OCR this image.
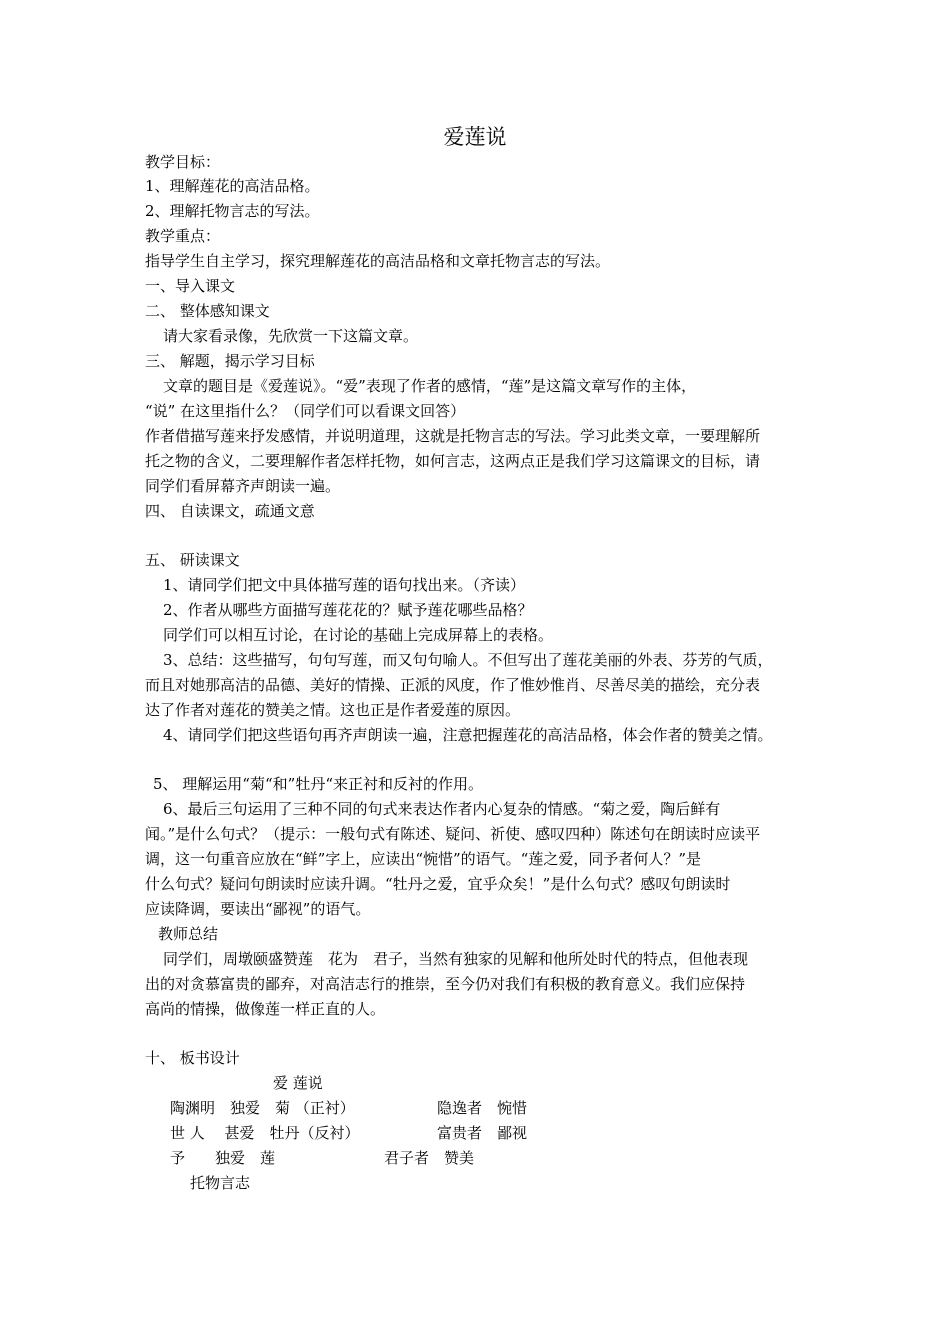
爱莲说
教学目标：
1、理解莲花的高洁品格。
2、理解托物言志的写法。
教学重点：
指导学生自主学习，探究理解莲花的高洁品格和文章托物言志的写法。
一、导入课文
二、 整体感知课文
请大家看录像，先欣赏一下这篇文章。
三、 解题，揭示学习目标
文章的题目是《爱莲说》。“爱”表现了作者的感情，“莲”是这篇文章写作的主体，
“说” 在这里指什么？（同学们可以看课文回答）
作者借描写莲来抒发感情，并说明道理，这就是托物言志的写法。学习此类文章，一要理解所
托之物的含义，二要理解作者怎样托物，如何言志，这两点正是我们学习这篇课文的目标，请
同学们看屏幕齐声朗读一遍。
四、 自读课文，疏通文意
五、 研读课文
1、请同学们把文中具体描写莲的语句找出来。（齐读）
2、作者从哪些方面描写莲花花的？赋予莲花哪些品格？
同学们可以相互讨论，在讨论的基础上完成屏幕上的表格。
3、总结：这些描写，句句写莲，而又句句喻人。不但写出了莲花美丽的外表、芬芳的气质，
而且对她那高洁的品德、美好的情操、正派的风度，作了惟妙惟肖、尽善尽美的描绘，充分表
达了作者对莲花的赞美之情。这也正是作者爱莲的原因。
4、请同学们把这些语句再齐声朗读一遍，注意把握莲花的高洁品格，体会作者的赞美之情。
5、 理解运用“菊“和”牡丹“来正衬和反衬的作用。
6、最后三句运用了三种不同的句式来表达作者内心复杂的情感。“菊之爱，陶后鲜有
闻。”是什么句式？（提示：一般句式有陈述、疑问、祈使、感叹四种）陈述句在朗读时应读平
调，这一句重音应放在“鲜”字上，应读出“惋惜”的语气。“莲之爱，同予者何人？”是
什么句式？疑问句朗读时应读升调。“牡丹之爱，宜乎众矣！”是什么句式？感叹句朗读时
应读降调，要读出“鄙视”的语气。
教师总结
同学们，周墩颐盛赞莲　花为　君子，当然有独家的见解和他所处时代的特点，但他表现
出的对贪慕富贵的鄙弃，对高洁志行的推崇，至今仍对我们有积极的教育意义。我们应保持
高尚的情操，做像莲一样正直的人。
十、 板书设计
爱 莲说
陶渊明　独爱　菊 （正衬）	隐逸者　惋惜
世 人　 甚爱　牡丹（反衬）	富贵者　鄙视
予　　独爱　莲	君子者　赞美
托物言志
